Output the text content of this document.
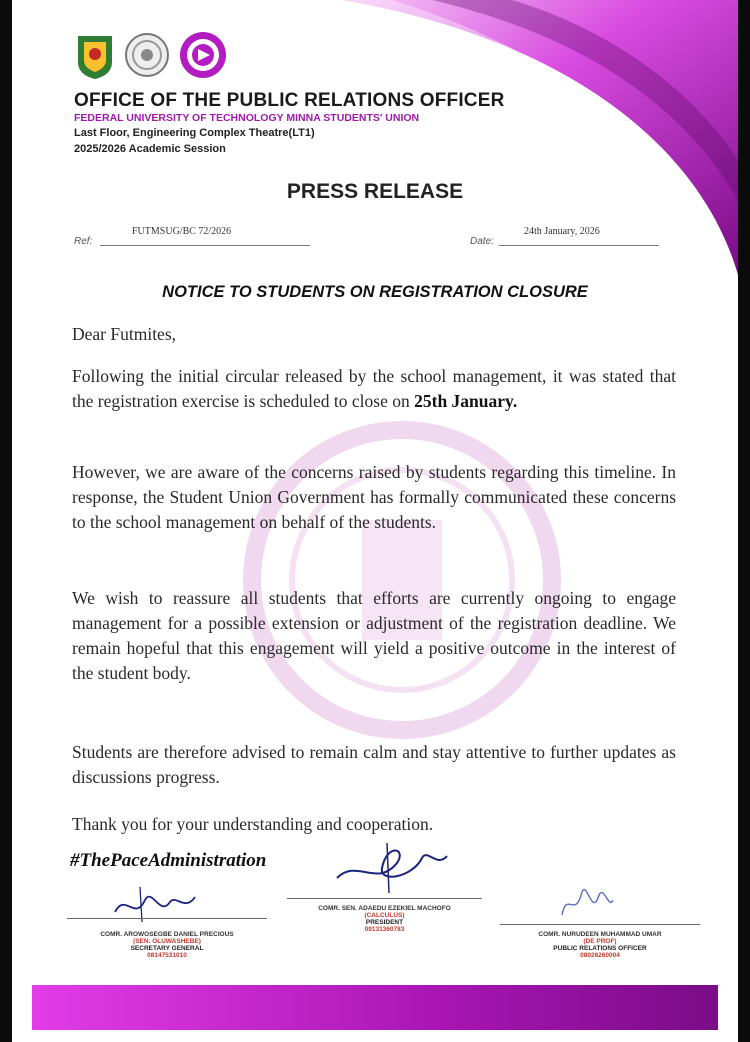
OFFICE OF THE PUBLIC RELATIONS OFFICER
FEDERAL UNIVERSITY OF TECHNOLOGY MINNA STUDENTS' UNION
Last Floor, Engineering Complex Theatre(LT1)
2025/2026 Academic Session
PRESS RELEASE
Ref:
FUTMSUG/BC 72/2026
Date:
24th January, 2026
NOTICE TO STUDENTS ON REGISTRATION CLOSURE
Dear Futmites,
Following the initial circular released by the school management, it was stated that the registration exercise is scheduled to close on 25th January.
However, we are aware of the concerns raised by students regarding this timeline. In response, the Student Union Government has formally communicated these concerns to the school management on behalf of the students.
We wish to reassure all students that efforts are currently ongoing to engage management for a possible extension or adjustment of the registration deadline. We remain hopeful that this engagement will yield a positive outcome in the interest of the student body.
Students are therefore advised to remain calm and stay attentive to further updates as discussions progress.
Thank you for your understanding and cooperation.
#ThePaceAdministration
COMR. AROWOSEGBE DANIEL PRECIOUS
(SEN. OLUWASHEBE)
SECRETARY GENERAL
08147531010
COMR. SEN. ADAEDU EZEKIEL MACHOFO
(CALCULUS)
PRESIDENT
09131360783
COMR. NURUDEEN MUHAMMAD UMAR
(DE PROF)
PUBLIC RELATIONS OFFICER
08026260004
